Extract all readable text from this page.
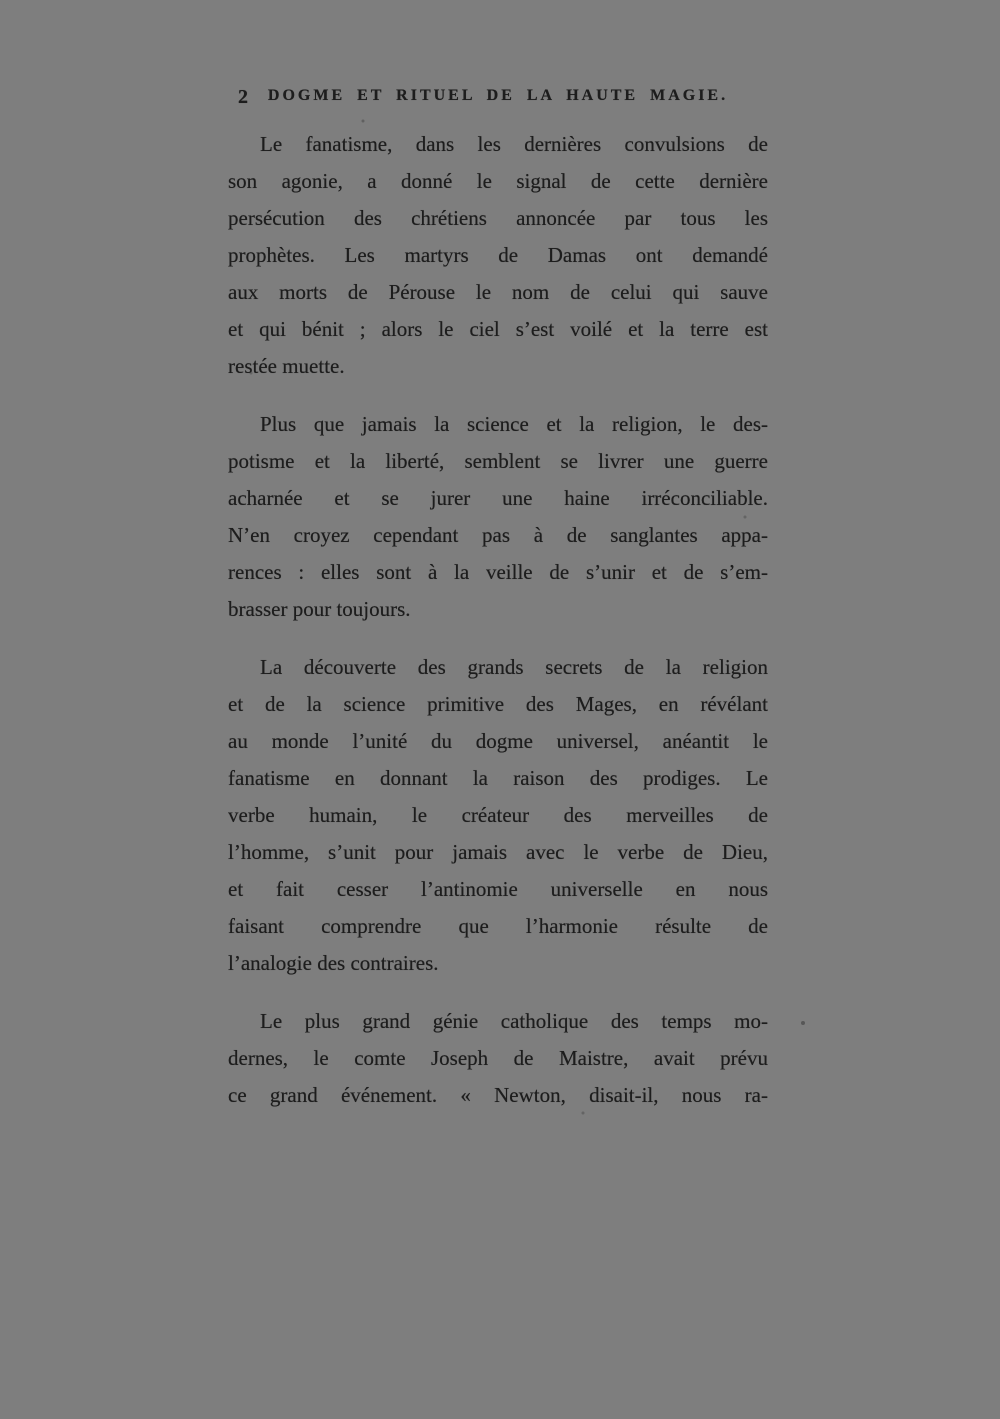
2	DOGME ET RITUEL DE LA HAUTE MAGIE.

Le fanatisme, dans les dernières convulsions de
son agonie, a donné le signal de cette dernière
persécution des chrétiens annoncée par tous les
prophètes. Les martyrs de Damas ont demandé
aux morts de Pérouse le nom de celui qui sauve
et qui bénit ; alors le ciel s’est voilé et la terre est
restée muette.

Plus que jamais la science et la religion, le des-
potisme et la liberté, semblent se livrer une guerre
acharnée et se jurer une haine irréconciliable.
N’en croyez cependant pas à de sanglantes appa-
rences : elles sont à la veille de s’unir et de s’em-
brasser pour toujours.

La découverte des grands secrets de la religion
et de la science primitive des Mages, en révélant
au monde l’unité du dogme universel, anéantit le
fanatisme en donnant la raison des prodiges. Le
verbe humain, le créateur des merveilles de
l’homme, s’unit pour jamais avec le verbe de Dieu,
et fait cesser l’antinomie universelle en nous
faisant comprendre que l’harmonie résulte de
l’analogie des contraires.

Le plus grand génie catholique des temps mo-
dernes, le comte Joseph de Maistre, avait prévu
ce grand événement. « Newton, disait-il, nous ra-
